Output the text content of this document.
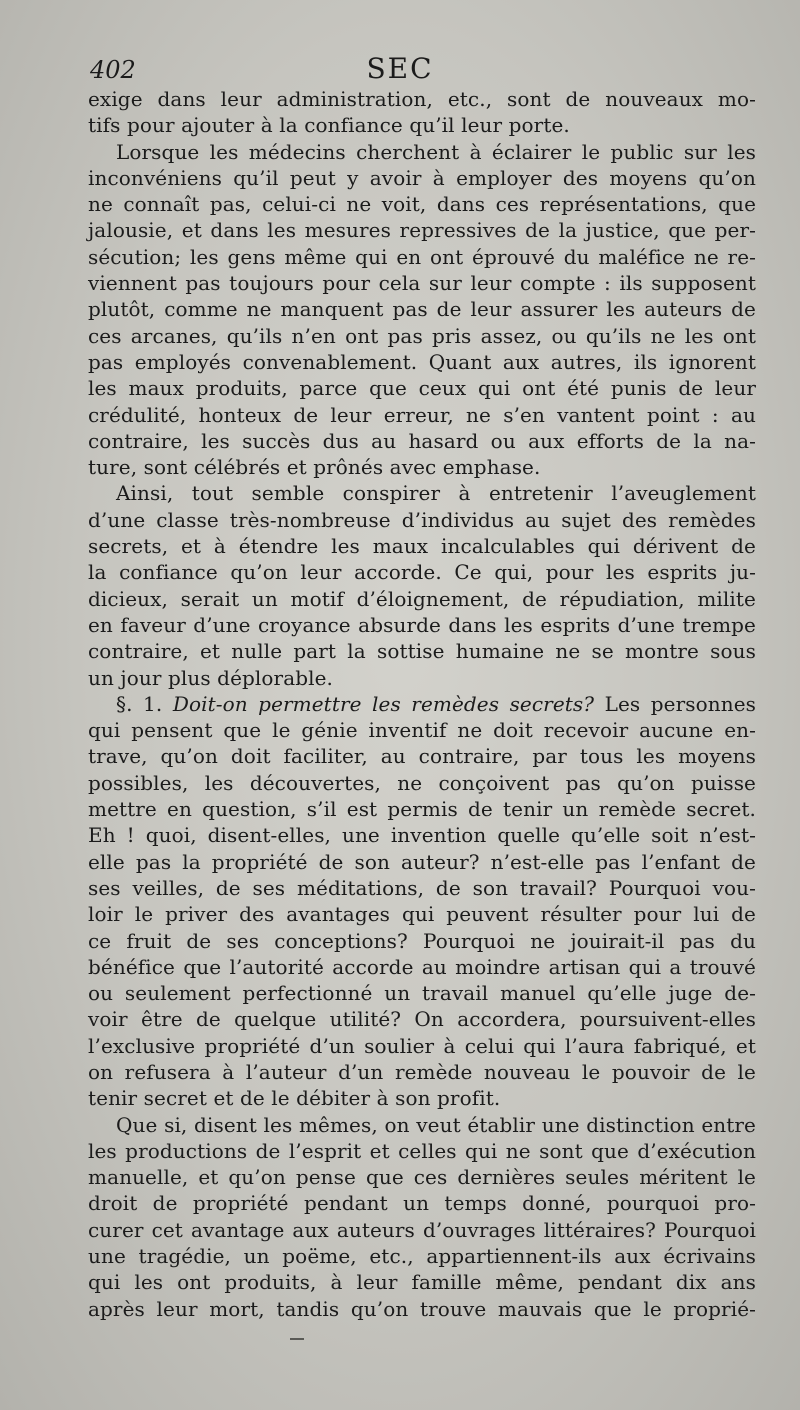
402	SEC

exige dans leur administration, etc., sont de nouveaux mo-
tifs pour ajouter à la confiance qu’il leur porte.

Lorsque les médecins cherchent à éclairer le public sur les
inconvéniens qu’il peut y avoir à employer des moyens qu’on
ne connaît pas, celui-ci ne voit, dans ces représentations, que
jalousie, et dans les mesures repressives de la justice, que per-
sécution; les gens même qui en ont éprouvé du maléfice ne re-
viennent pas toujours pour cela sur leur compte : ils supposent
plutôt, comme ne manquent pas de leur assurer les auteurs de
ces arcanes, qu’ils n’en ont pas pris assez, ou qu’ils ne les ont
pas employés convenablement. Quant aux autres, ils ignorent
les maux produits, parce que ceux qui ont été punis de leur
crédulité, honteux de leur erreur, ne s’en vantent point : au
contraire, les succès dus au hasard ou aux efforts de la na-
ture, sont célébrés et prônés avec emphase.

Ainsi, tout semble conspirer à entretenir l’aveuglement
d’une classe très-nombreuse d’individus au sujet des remèdes
secrets, et à étendre les maux incalculables qui dérivent de
la confiance qu’on leur accorde. Ce qui, pour les esprits ju-
dicieux, serait un motif d’éloignement, de répudiation, milite
en faveur d’une croyance absurde dans les esprits d’une trempe
contraire, et nulle part la sottise humaine ne se montre sous
un jour plus déplorable.

§. 1. Doit-on permettre les remèdes secrets? Les personnes
qui pensent que le génie inventif ne doit recevoir aucune en-
trave, qu’on doit faciliter, au contraire, par tous les moyens
possibles, les découvertes, ne conçoivent pas qu’on puisse
mettre en question, s’il est permis de tenir un remède secret.
Eh ! quoi, disent-elles, une invention quelle qu’elle soit n’est-
elle pas la propriété de son auteur? n’est-elle pas l’enfant de
ses veilles, de ses méditations, de son travail? Pourquoi vou-
loir le priver des avantages qui peuvent résulter pour lui de
ce fruit de ses conceptions? Pourquoi ne jouirait-il pas du
bénéfice que l’autorité accorde au moindre artisan qui a trouvé
ou seulement perfectionné un travail manuel qu’elle juge de-
voir être de quelque utilité? On accordera, poursuivent-elles
l’exclusive propriété d’un soulier à celui qui l’aura fabriqué, et
on refusera à l’auteur d’un remède nouveau le pouvoir de le
tenir secret et de le débiter à son profit.

Que si, disent les mêmes, on veut établir une distinction entre
les productions de l’esprit et celles qui ne sont que d’exécution
manuelle, et qu’on pense que ces dernières seules méritent le
droit de propriété pendant un temps donné, pourquoi pro-
curer cet avantage aux auteurs d’ouvrages littéraires? Pourquoi
une tragédie, un poëme, etc., appartiennent-ils aux écrivains
qui les ont produits, à leur famille même, pendant dix ans
après leur mort, tandis qu’on trouve mauvais que le proprié-
